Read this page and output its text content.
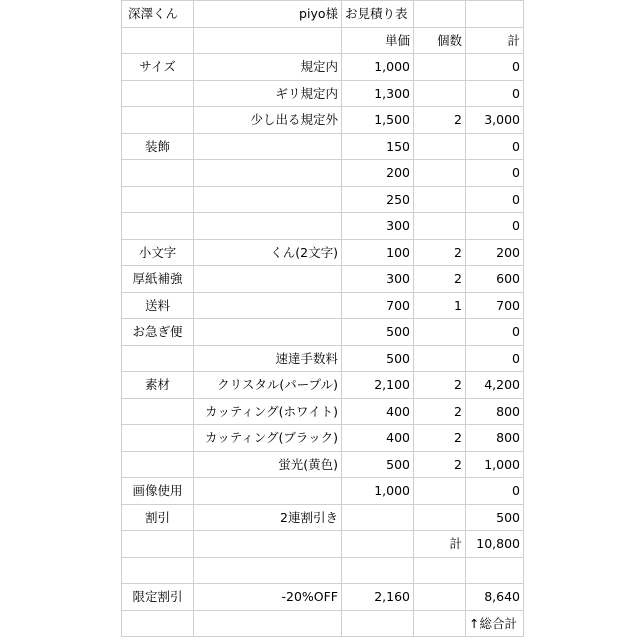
深澤くん	piyo様	お見積り表		
		単価	個数	計
サイズ	規定内	1,000		0
	ギリ規定内	1,300		0
	少し出る規定外	1,500	2	3,000
装飾		150		0
		200		0
		250		0
		300		0
小文字	くん(2文字)	100	2	200
厚紙補強		300	2	600
送料		700	1	700
お急ぎ便		500		0
	速達手数料	500		0
素材	クリスタル(パープル)	2,100	2	4,200
	カッティング(ホワイト)	400	2	800
	カッティング(ブラック)	400	2	800
	蛍光(黄色)	500	2	1,000
画像使用		1,000		0
割引	2連割引き			500
			計	10,800

限定割引	-20%OFF	2,160		8,640
				↑総合計
